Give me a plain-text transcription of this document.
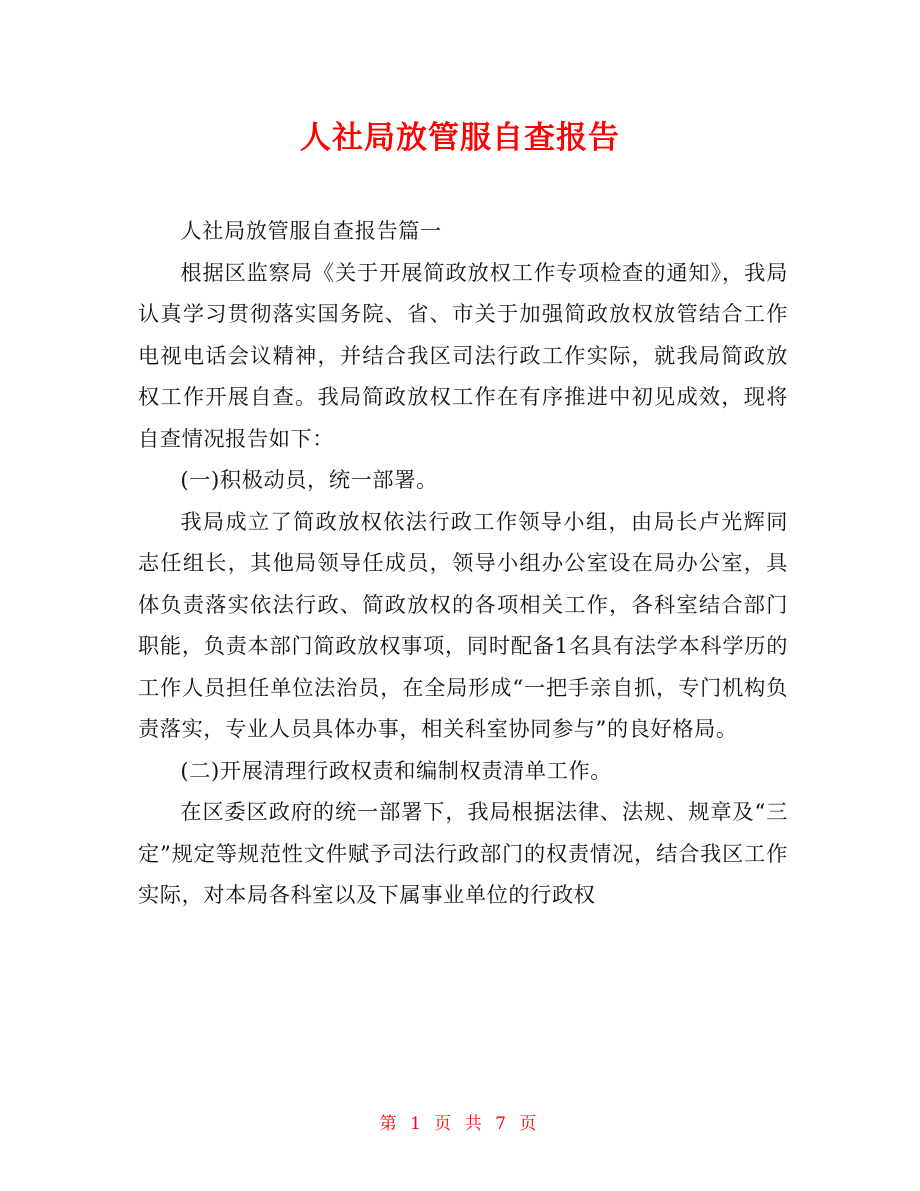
人社局放管服自查报告

人社局放管服自查报告篇一

根据区监察局《关于开展简政放权工作专项检查的通知》，我局认真学习贯彻落实国务院、省、市关于加强简政放权放管结合工作电视电话会议精神，并结合我区司法行政工作实际，就我局简政放权工作开展自查。我局简政放权工作在有序推进中初见成效，现将自查情况报告如下：

(一)积极动员，统一部署。

我局成立了简政放权依法行政工作领导小组，由局长卢光辉同志任组长，其他局领导任成员，领导小组办公室设在局办公室，具体负责落实依法行政、简政放权的各项相关工作，各科室结合部门职能，负责本部门简政放权事项，同时配备1名具有法学本科学历的工作人员担任单位法治员，在全局形成“一把手亲自抓，专门机构负责落实，专业人员具体办事，相关科室协同参与”的良好格局。

(二)开展清理行政权责和编制权责清单工作。

在区委区政府的统一部署下，我局根据法律、法规、规章及“三定”规定等规范性文件赋予司法行政部门的权责情况，结合我区工作实际，对本局各科室以及下属事业单位的行政权

第 1 页 共 7 页
